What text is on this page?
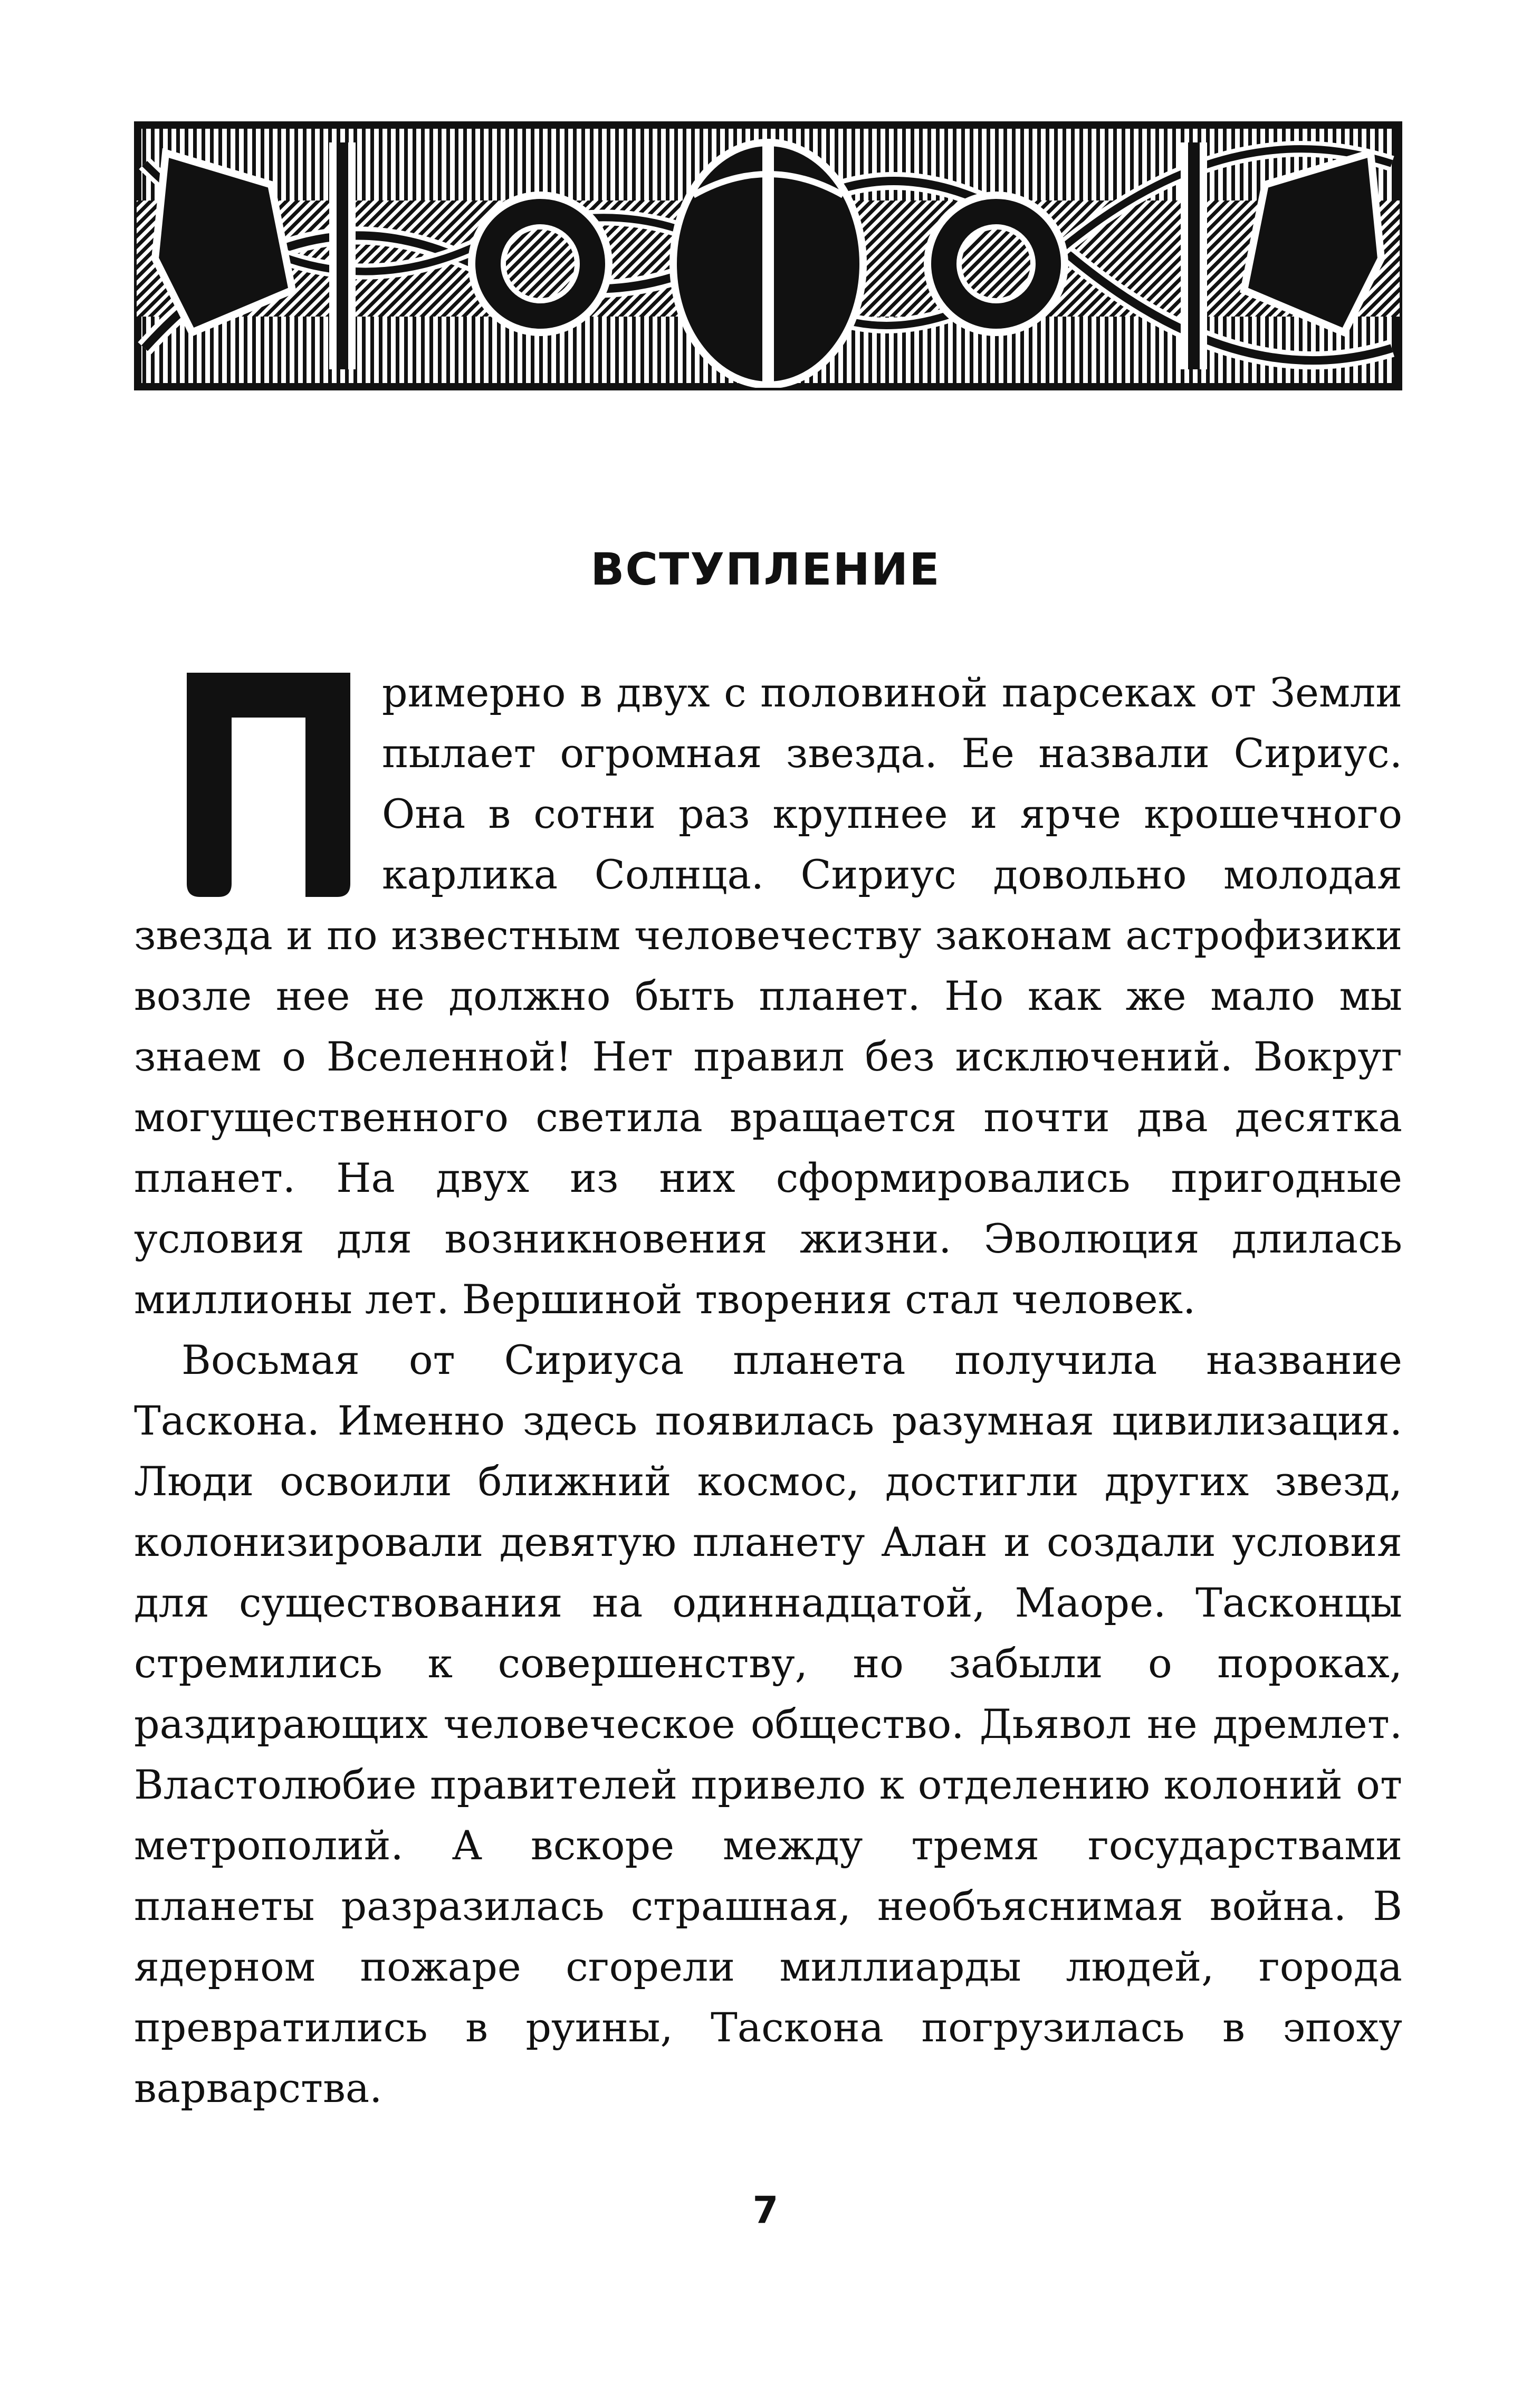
ВСТУПЛЕНИЕ

римерно в двух с половиной парсеках от Земли пылает огромная звезда. Ее назвали Сириус. Она в сотни раз крупнее и ярче крошечного карлика Солнца. Сириус довольно молодая звезда и по известным человечеству законам астрофизики возле нее не должно быть планет. Но как же мало мы знаем о Вселенной! Нет правил без исключений. Вокруг могущественного светила вращается почти два десятка планет. На двух из них сформировались пригодные условия для возникновения жизни. Эволюция длилась миллионы лет. Вершиной творения стал человек.

Восьмая от Сириуса планета получила название Таскона. Именно здесь появилась разумная цивилизация. Люди освоили ближний космос, достигли других звезд, колонизировали девятую планету Алан и создали условия для существования на одиннадцатой, Маоре. Тасконцы стремились к совершенству, но забыли о пороках, раздирающих человеческое общество. Дьявол не дремлет. Властолюбие правителей привело к отделению колоний от метрополий. А вскоре между тремя государствами планеты разразилась страшная, необъяснимая война. В ядерном пожаре сгорели миллиарды людей, города превратились в руины, Таскона погрузилась в эпоху варварства.

7
